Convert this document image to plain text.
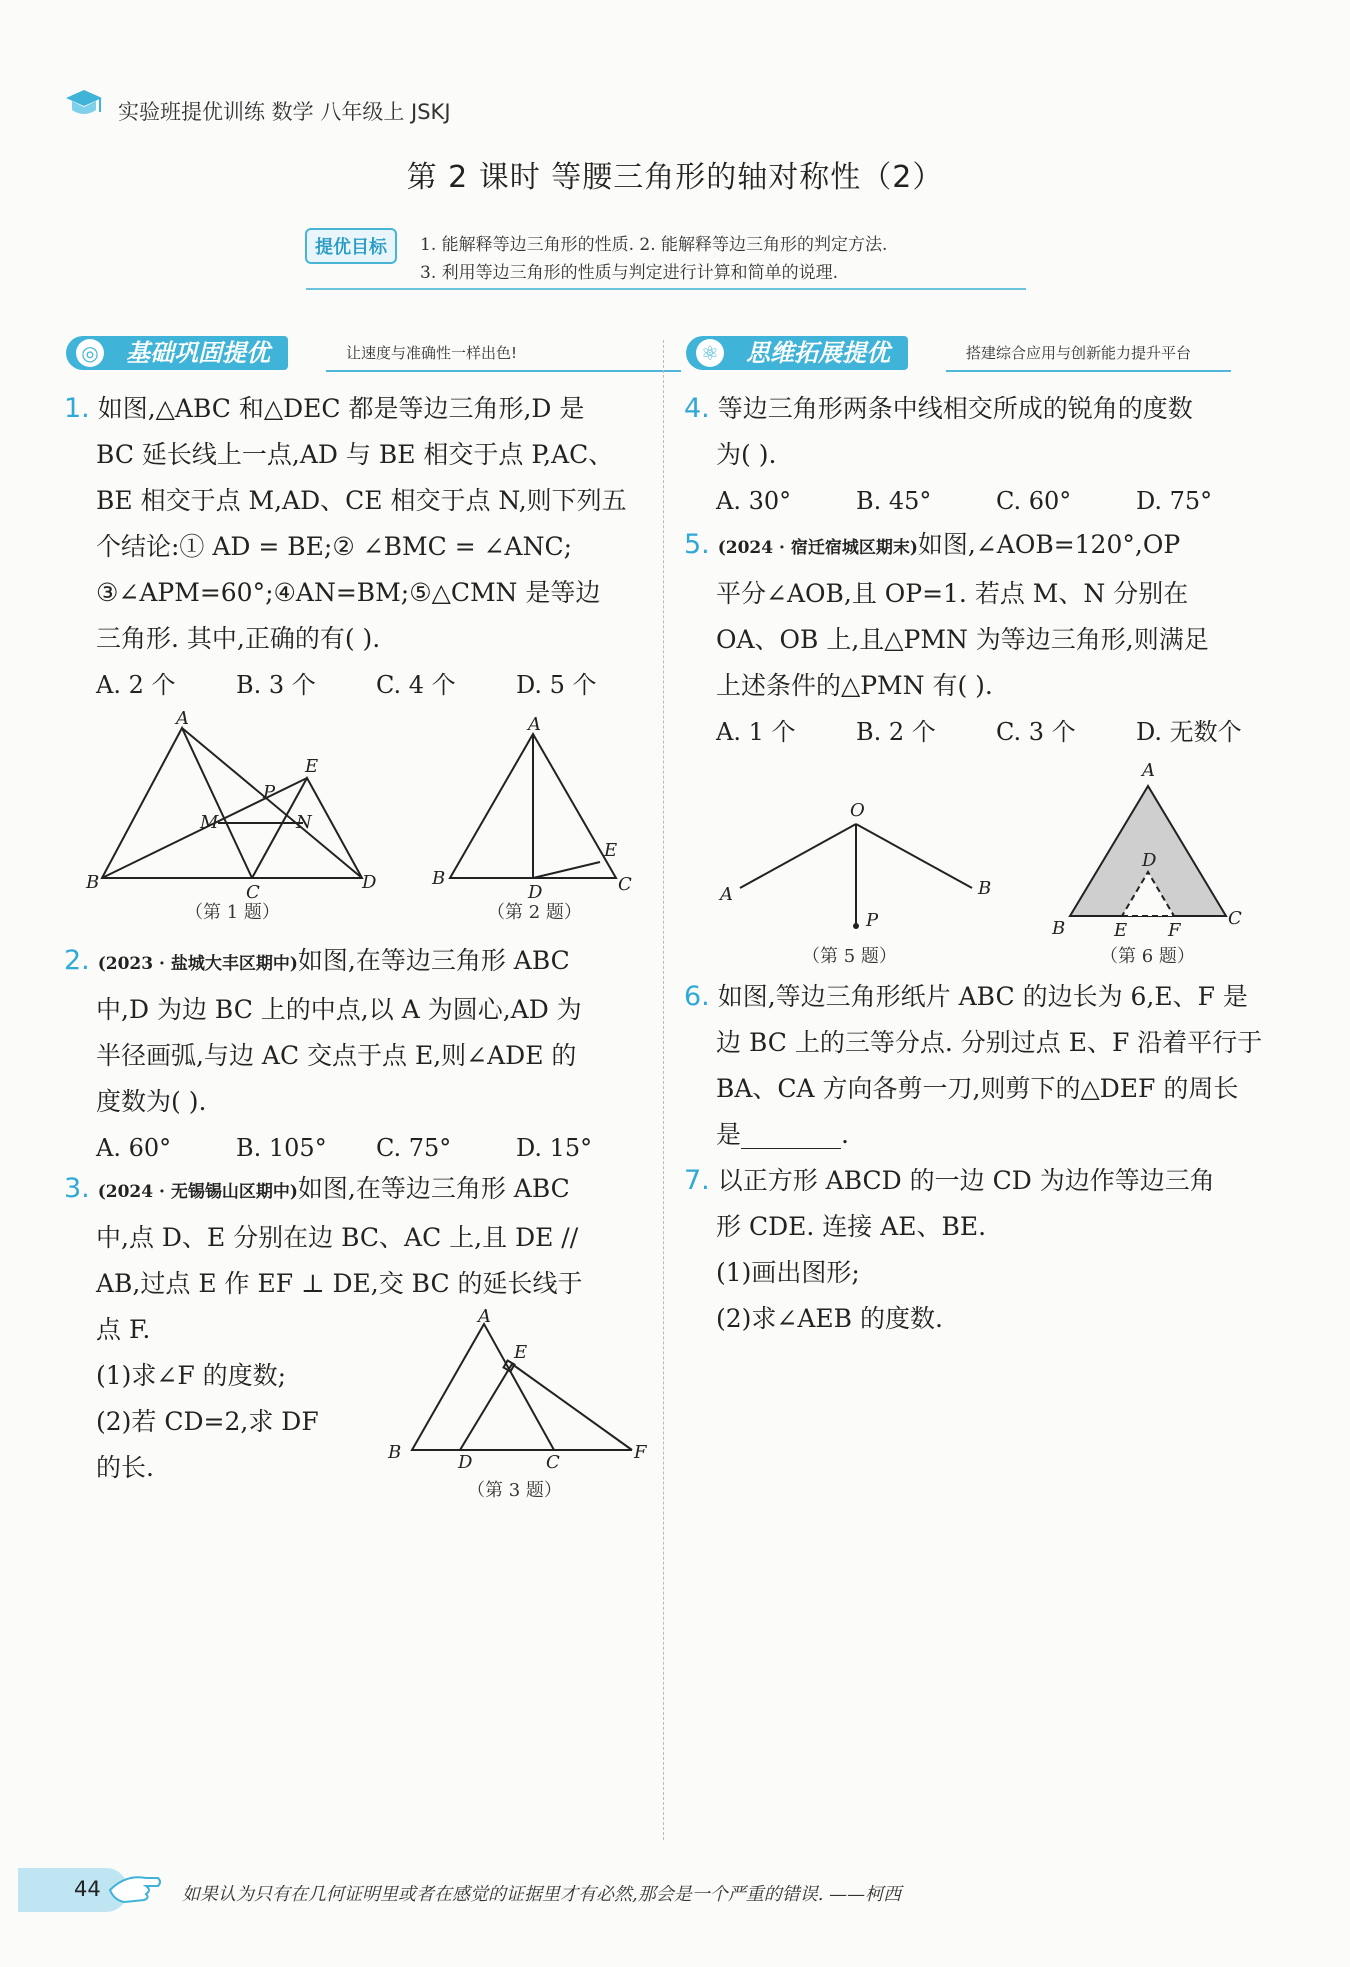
实验班提优训练 数学 八年级上 JSKJ
第 2 课时 等腰三角形的轴对称性（2）
提优目标	1. 能解释等边三角形的性质. 2. 能解释等边三角形的判定方法.
3. 利用等边三角形的性质与判定进行计算和简单的说理.
◎ 基础巩固提优	让速度与准确性一样出色!	⚛ 思维拓展提优	搭建综合应用与创新能力提升平台
1. 如图,△ABC 和△DEC 都是等边三角形,D 是
BC 延长线上一点,AD 与 BE 相交于点 P,AC、
BE 相交于点 M,AD、CE 相交于点 N,则下列五
个结论:① AD = BE;② ∠BMC = ∠ANC;
③∠APM=60°;④AN=BM;⑤△CMN 是等边
三角形. 其中,正确的有( ).
A. 2 个	B. 3 个	C. 4 个	D. 5 个
A
B	C	D
E
P
M	N
（第 1 题）
A
B	C
D
E
（第 2 题）
2. (2023 · 盐城大丰区期中)如图,在等边三角形 ABC
中,D 为边 BC 上的中点,以 A 为圆心,AD 为
半径画弧,与边 AC 交点于点 E,则∠ADE 的
度数为( ).
A. 60°	B. 105° C. 75°	D. 15°
3. (2024 · 无锡锡山区期中)如图,在等边三角形 ABC
中,点 D、E 分别在边 BC、AC 上,且 DE //
AB,过点 E 作 EF ⊥ DE,交 BC 的延长线于
点 F.
(1)求∠F 的度数;
(2)若 CD=2,求 DF
的长.
A
B	C
D
E
F
（第 3 题）
4. 等边三角形两条中线相交所成的锐角的度数
为( ).
A. 30°	B. 45°	C. 60°	D. 75°
5. (2024 · 宿迁宿城区期末)如图,∠AOB=120°,OP
平分∠AOB,且 OP=1. 若点 M、N 分别在
OA、OB 上,且△PMN 为等边三角形,则满足
上述条件的△PMN 有( ).
A. 1 个	B. 2 个	C. 3 个	D. 无数个
O
A	B
P
（第 5 题）
A
B	C
D
E F
（第 6 题）
6. 如图,等边三角形纸片 ABC 的边长为 6,E、F 是
边 BC 上的三等分点. 分别过点 E、F 沿着平行于
BA、CA 方向各剪一刀,则剪下的△DEF 的周长
是________.
7. 以正方形 ABCD 的一边 CD 为边作等边三角
形 CDE. 连接 AE、BE.
(1)画出图形;
(2)求∠AEB 的度数.
44	如果认为只有在几何证明里或者在感觉的证据里才有必然,那会是一个严重的错误. ——柯西
